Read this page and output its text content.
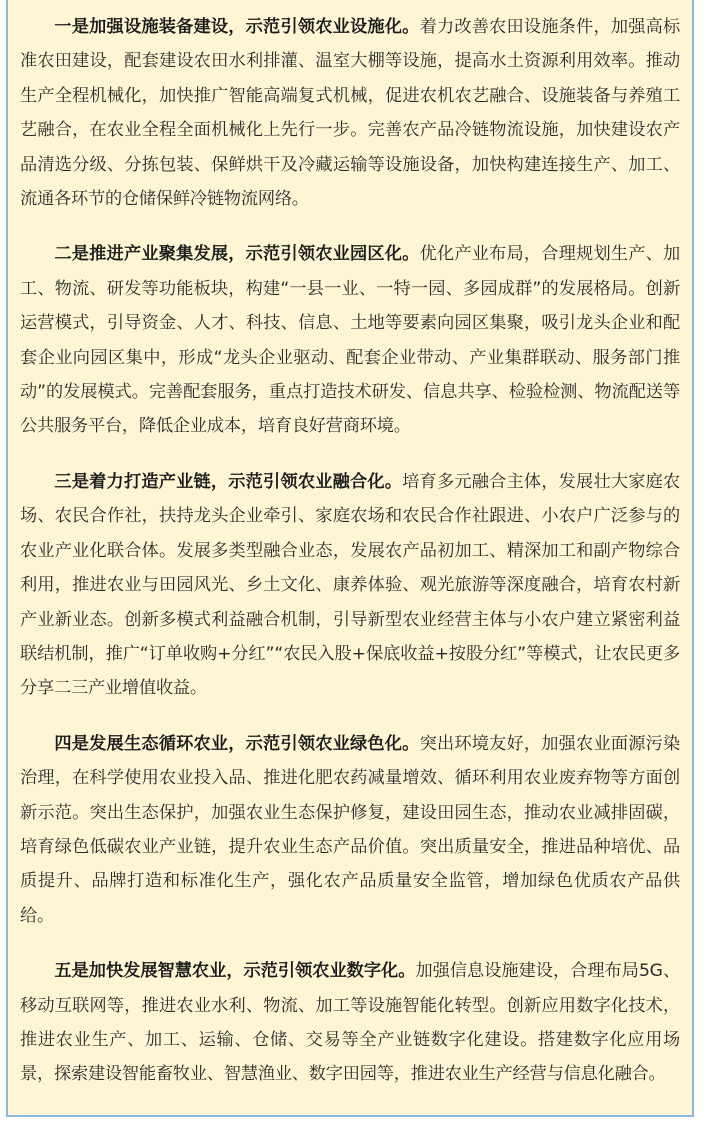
一是加强设施装备建设，示范引领农业设施化。着力改善农田设施条件，加强高标准农田建设，配套建设农田水利排灌、温室大棚等设施，提高水土资源利用效率。推动生产全程机械化，加快推广智能高端复式机械，促进农机农艺融合、设施装备与养殖工艺融合，在农业全程全面机械化上先行一步。完善农产品冷链物流设施，加快建设农产品清选分级、分拣包装、保鲜烘干及冷藏运输等设施设备，加快构建连接生产、加工、流通各环节的仓储保鲜冷链物流网络。

二是推进产业聚集发展，示范引领农业园区化。优化产业布局，合理规划生产、加工、物流、研发等功能板块，构建“一县一业、一特一园、多园成群”的发展格局。创新运营模式，引导资金、人才、科技、信息、土地等要素向园区集聚，吸引龙头企业和配套企业向园区集中，形成“龙头企业驱动、配套企业带动、产业集群联动、服务部门推动”的发展模式。完善配套服务，重点打造技术研发、信息共享、检验检测、物流配送等公共服务平台，降低企业成本，培育良好营商环境。

三是着力打造产业链，示范引领农业融合化。培育多元融合主体，发展壮大家庭农场、农民合作社，扶持龙头企业牵引、家庭农场和农民合作社跟进、小农户广泛参与的农业产业化联合体。发展多类型融合业态，发展农产品初加工、精深加工和副产物综合利用，推进农业与田园风光、乡土文化、康养体验、观光旅游等深度融合，培育农村新产业新业态。创新多模式利益融合机制，引导新型农业经营主体与小农户建立紧密利益联结机制，推广“订单收购+分红”“农民入股+保底收益+按股分红”等模式，让农民更多分享二三产业增值收益。

四是发展生态循环农业，示范引领农业绿色化。突出环境友好，加强农业面源污染治理，在科学使用农业投入品、推进化肥农药减量增效、循环利用农业废弃物等方面创新示范。突出生态保护，加强农业生态保护修复，建设田园生态，推动农业减排固碳，培育绿色低碳农业产业链，提升农业生态产品价值。突出质量安全，推进品种培优、品质提升、品牌打造和标准化生产，强化农产品质量安全监管，增加绿色优质农产品供给。

五是加快发展智慧农业，示范引领农业数字化。加强信息设施建设，合理布局5G、移动互联网等，推进农业水利、物流、加工等设施智能化转型。创新应用数字化技术，推进农业生产、加工、运输、仓储、交易等全产业链数字化建设。搭建数字化应用场景，探索建设智能畜牧业、智慧渔业、数字田园等，推进农业生产经营与信息化融合。
